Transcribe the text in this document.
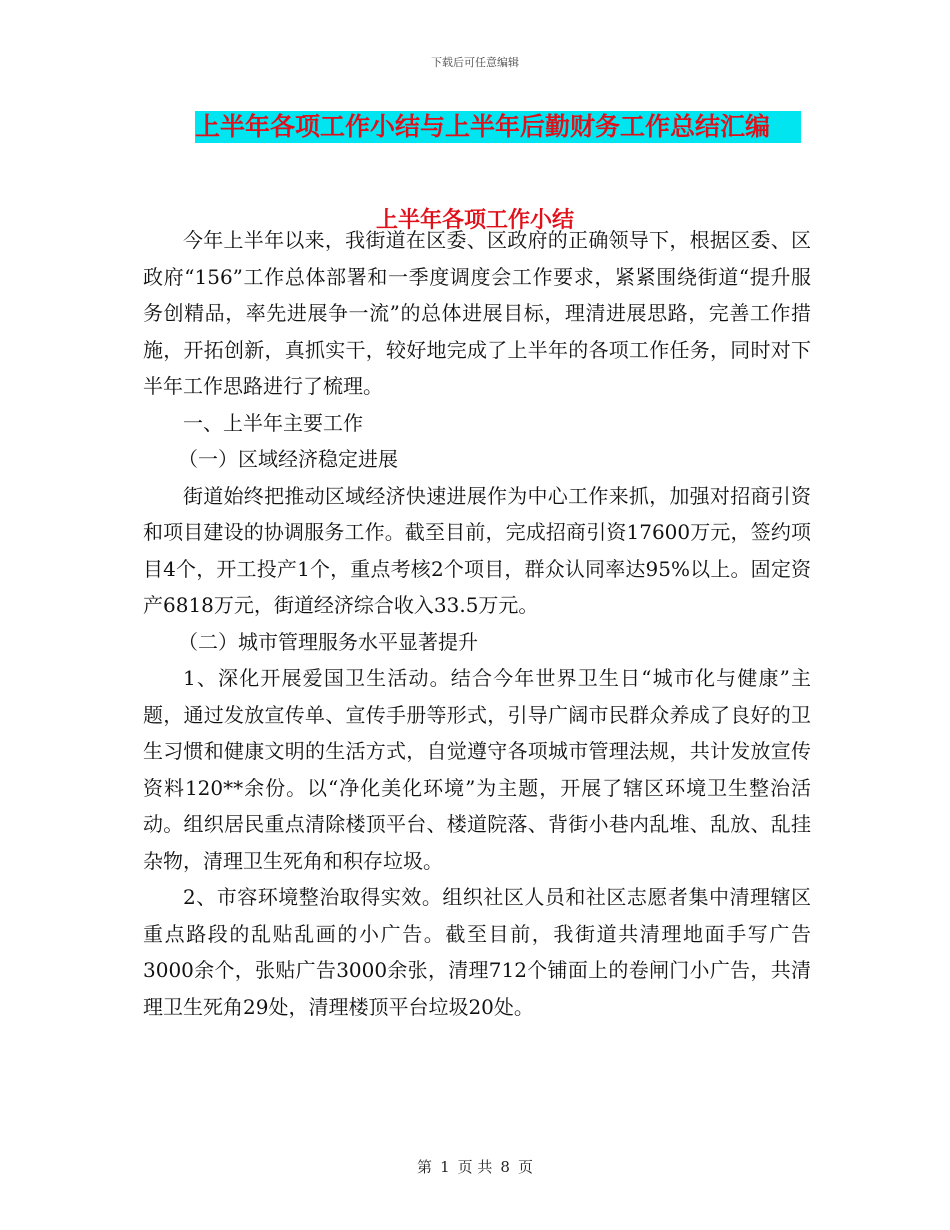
下载后可任意编辑
上半年各项工作小结与上半年后勤财务工作总结汇编
上半年各项工作小结

今年上半年以来，我街道在区委、区政府的正确领导下，根据区委、区政府“156”工作总体部署和一季度调度会工作要求，紧紧围绕街道“提升服务创精品，率先进展争一流”的总体进展目标，理清进展思路，完善工作措施，开拓创新，真抓实干，较好地完成了上半年的各项工作任务，同时对下半年工作思路进行了梳理。

一、上半年主要工作

（一）区域经济稳定进展

街道始终把推动区域经济快速进展作为中心工作来抓，加强对招商引资和项目建设的协调服务工作。截至目前，完成招商引资17600万元，签约项目4个，开工投产1个，重点考核2个项目，群众认同率达95%以上。固定资产6818万元，街道经济综合收入33.5万元。

（二）城市管理服务水平显著提升

1、深化开展爱国卫生活动。结合今年世界卫生日“城市化与健康”主题，通过发放宣传单、宣传手册等形式，引导广阔市民群众养成了良好的卫生习惯和健康文明的生活方式，自觉遵守各项城市管理法规，共计发放宣传资料120**余份。以“净化美化环境”为主题，开展了辖区环境卫生整治活动。组织居民重点清除楼顶平台、楼道院落、背街小巷内乱堆、乱放、乱挂杂物，清理卫生死角和积存垃圾。

2、市容环境整治取得实效。组织社区人员和社区志愿者集中清理辖区重点路段的乱贴乱画的小广告。截至目前，我街道共清理地面手写广告3000余个，张贴广告3000余张，清理712个铺面上的卷闸门小广告，共清理卫生死角29处，清理楼顶平台垃圾20处。

第 1 页 共 8 页
